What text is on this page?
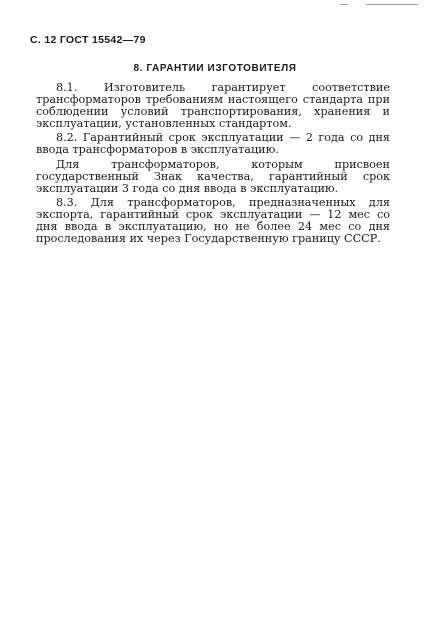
С. 12 ГОСТ 15542—79
8. ГАРАНТИИ ИЗГОТОВИТЕЛЯ

8.1. Изготовитель гарантирует соответствие трансформаторов требованиям настоящего стандарта при соблюдении условий транспортирования, хранения и эксплуатации, установленных стандартом.

8.2. Гарантийный срок эксплуатации — 2 года со дня ввода трансформаторов в эксплуатацию.

Для трансформаторов, которым присвоен государственный Знак качества, гарантийный срок эксплуатации 3 года со дня ввода в эксплуатацию.

8.3. Для трансформаторов, предназначенных для экспорта, гарантийный срок эксплуатации — 12 мес со дня ввода в эксплуатацию, но не более 24 мес со дня проследования их через Государственную границу СССР.
